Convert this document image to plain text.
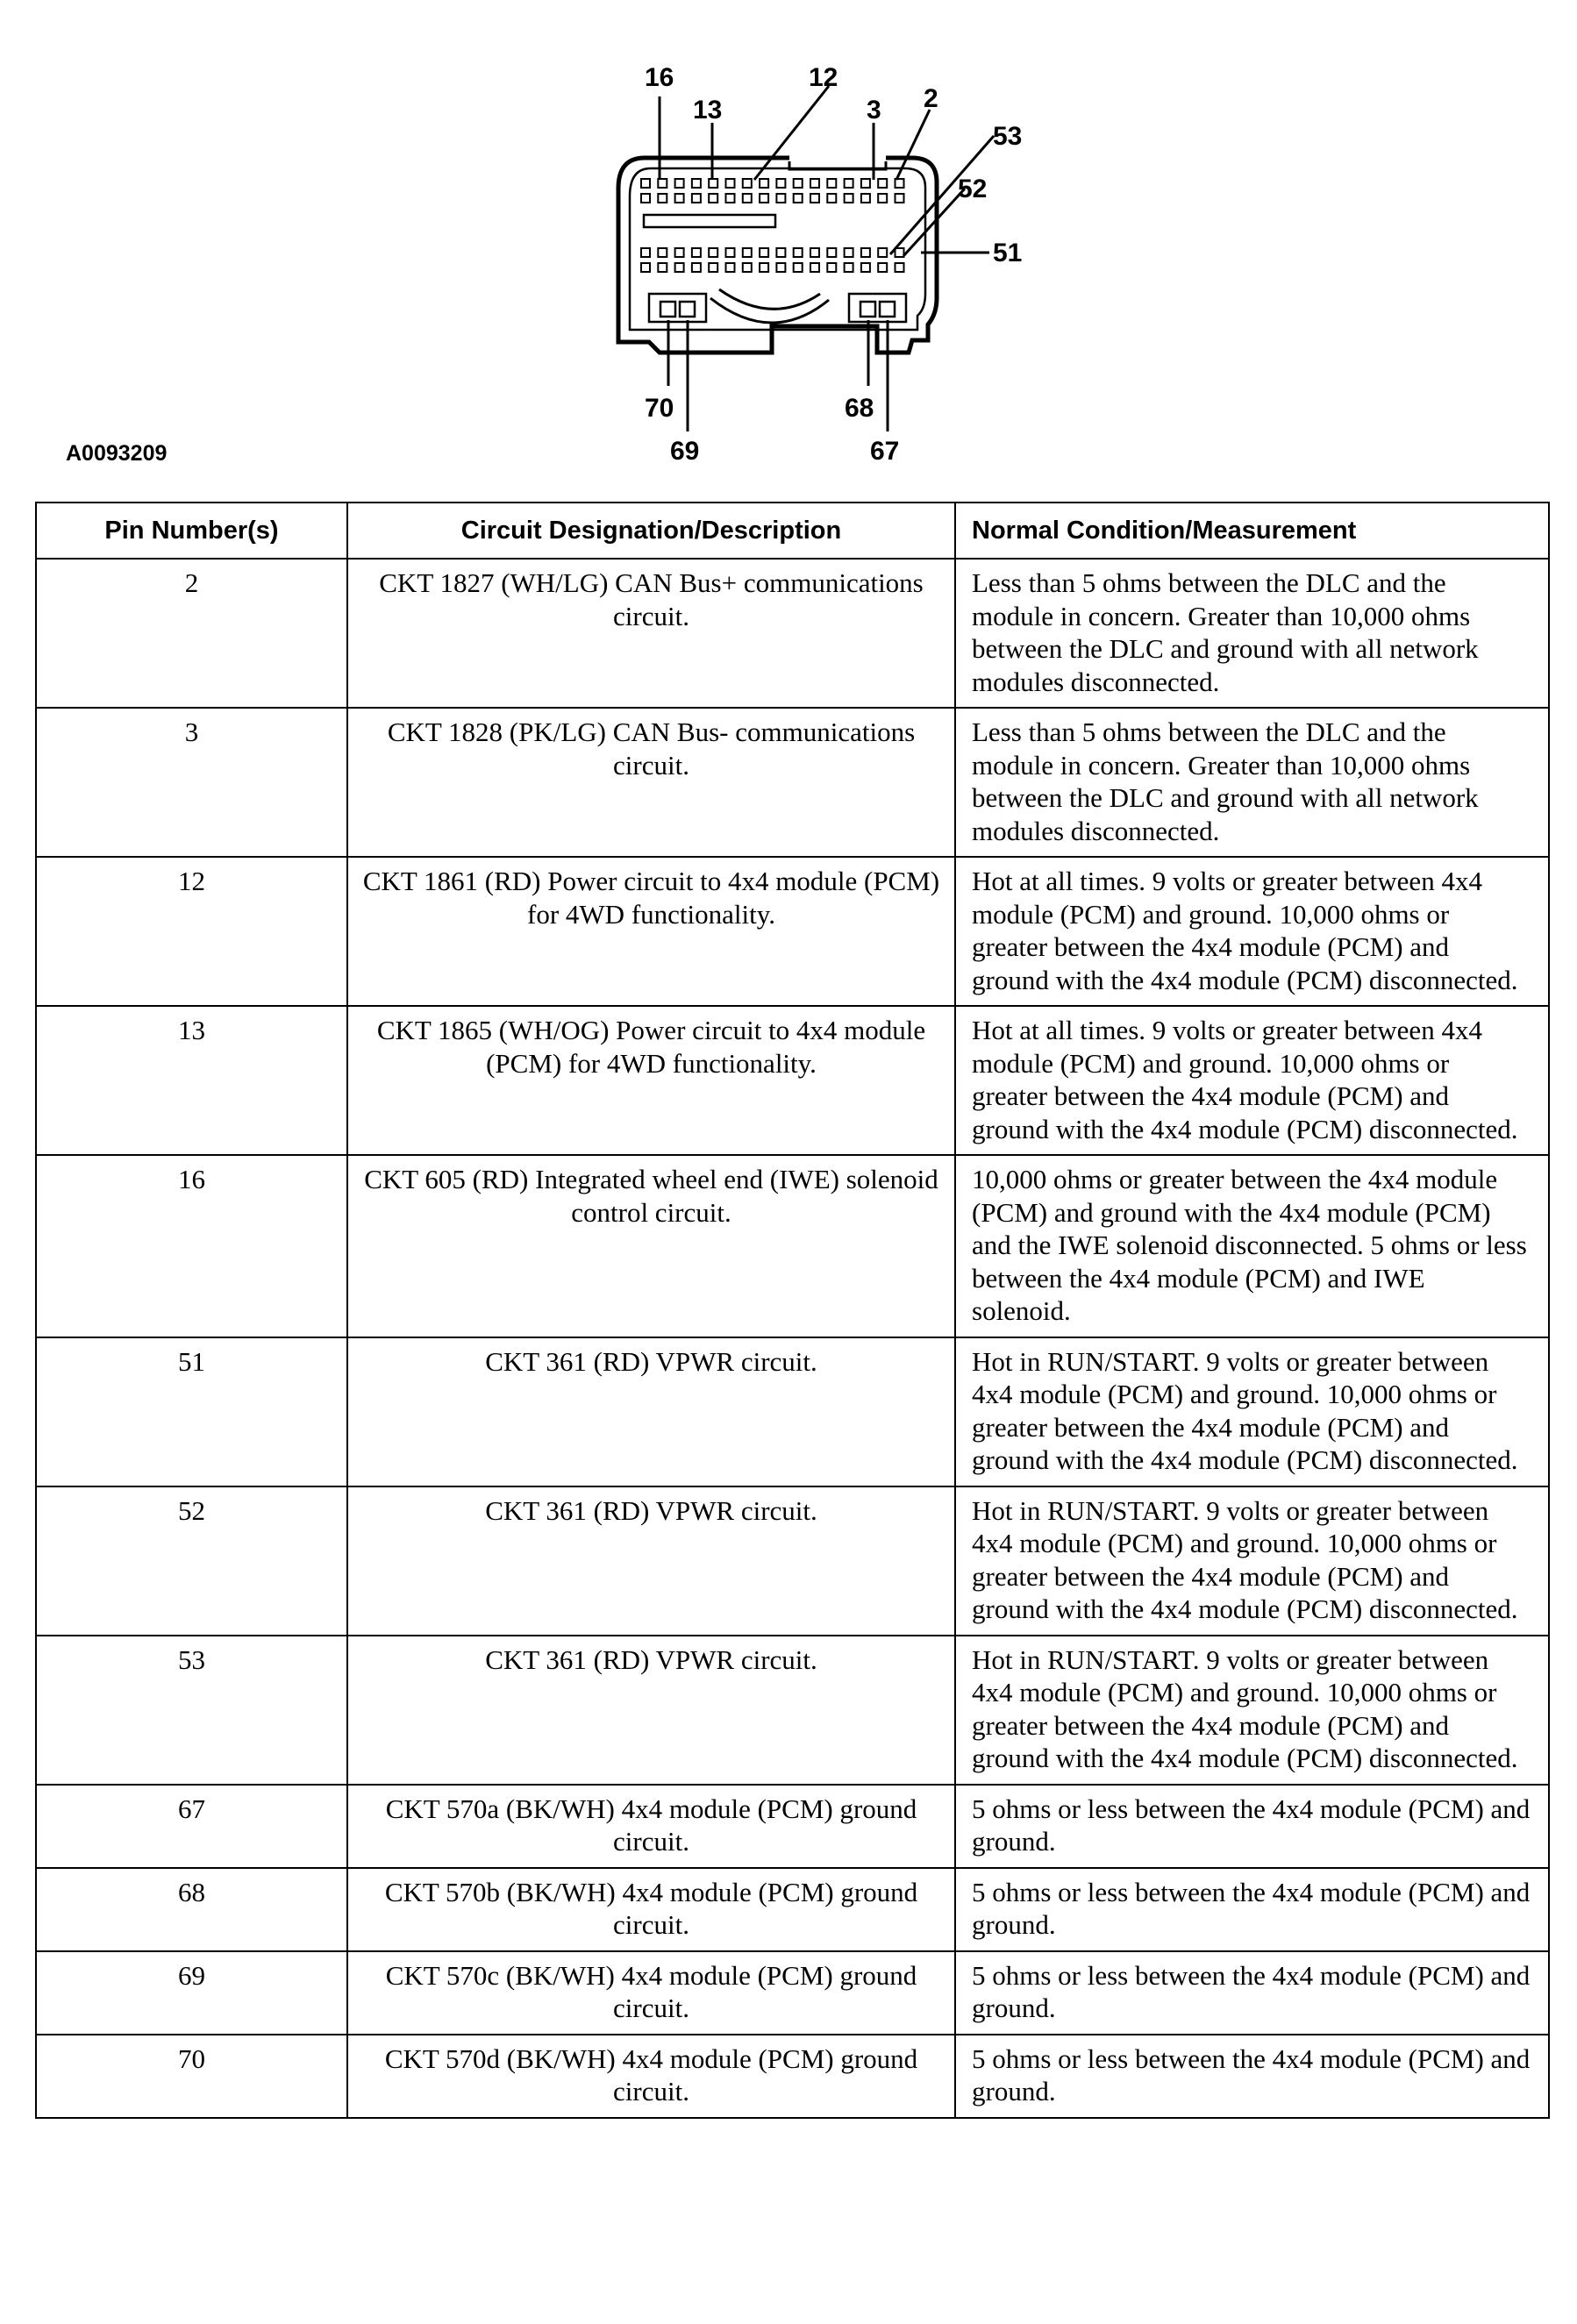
16
13
12
3 2
53
52
51
70
69
68
67
A0093209
Pin Number(s)	Circuit Designation/Description	Normal Condition/Measurement
2	CKT 1827 (WH/LG) CAN Bus+ communications circuit.	Less than 5 ohms between the DLC and the module in concern. Greater than 10,000 ohms between the DLC and ground with all network modules disconnected.
3	CKT 1828 (PK/LG) CAN Bus- communications circuit.	Less than 5 ohms between the DLC and the module in concern. Greater than 10,000 ohms between the DLC and ground with all network modules disconnected.
12	CKT 1861 (RD) Power circuit to 4x4 module (PCM) for 4WD functionality.	Hot at all times. 9 volts or greater between 4x4 module (PCM) and ground. 10,000 ohms or greater between the 4x4 module (PCM) and ground with the 4x4 module (PCM) disconnected.
13	CKT 1865 (WH/OG) Power circuit to 4x4 module (PCM) for 4WD functionality.	Hot at all times. 9 volts or greater between 4x4 module (PCM) and ground. 10,000 ohms or greater between the 4x4 module (PCM) and ground with the 4x4 module (PCM) disconnected.
16	CKT 605 (RD) Integrated wheel end (IWE) solenoid control circuit.	10,000 ohms or greater between the 4x4 module (PCM) and ground with the 4x4 module (PCM) and the IWE solenoid disconnected. 5 ohms or less between the 4x4 module (PCM) and IWE solenoid.
51	CKT 361 (RD) VPWR circuit.	Hot in RUN/START. 9 volts or greater between 4x4 module (PCM) and ground. 10,000 ohms or greater between the 4x4 module (PCM) and ground with the 4x4 module (PCM) disconnected.
52	CKT 361 (RD) VPWR circuit.	Hot in RUN/START. 9 volts or greater between 4x4 module (PCM) and ground. 10,000 ohms or greater between the 4x4 module (PCM) and ground with the 4x4 module (PCM) disconnected.
53	CKT 361 (RD) VPWR circuit.	Hot in RUN/START. 9 volts or greater between 4x4 module (PCM) and ground. 10,000 ohms or greater between the 4x4 module (PCM) and ground with the 4x4 module (PCM) disconnected.
67	CKT 570a (BK/WH) 4x4 module (PCM) ground circuit.	5 ohms or less between the 4x4 module (PCM) and ground.
68	CKT 570b (BK/WH) 4x4 module (PCM) ground circuit.	5 ohms or less between the 4x4 module (PCM) and ground.
69	CKT 570c (BK/WH) 4x4 module (PCM) ground circuit.	5 ohms or less between the 4x4 module (PCM) and ground.
70	CKT 570d (BK/WH) 4x4 module (PCM) ground circuit.	5 ohms or less between the 4x4 module (PCM) and ground.
